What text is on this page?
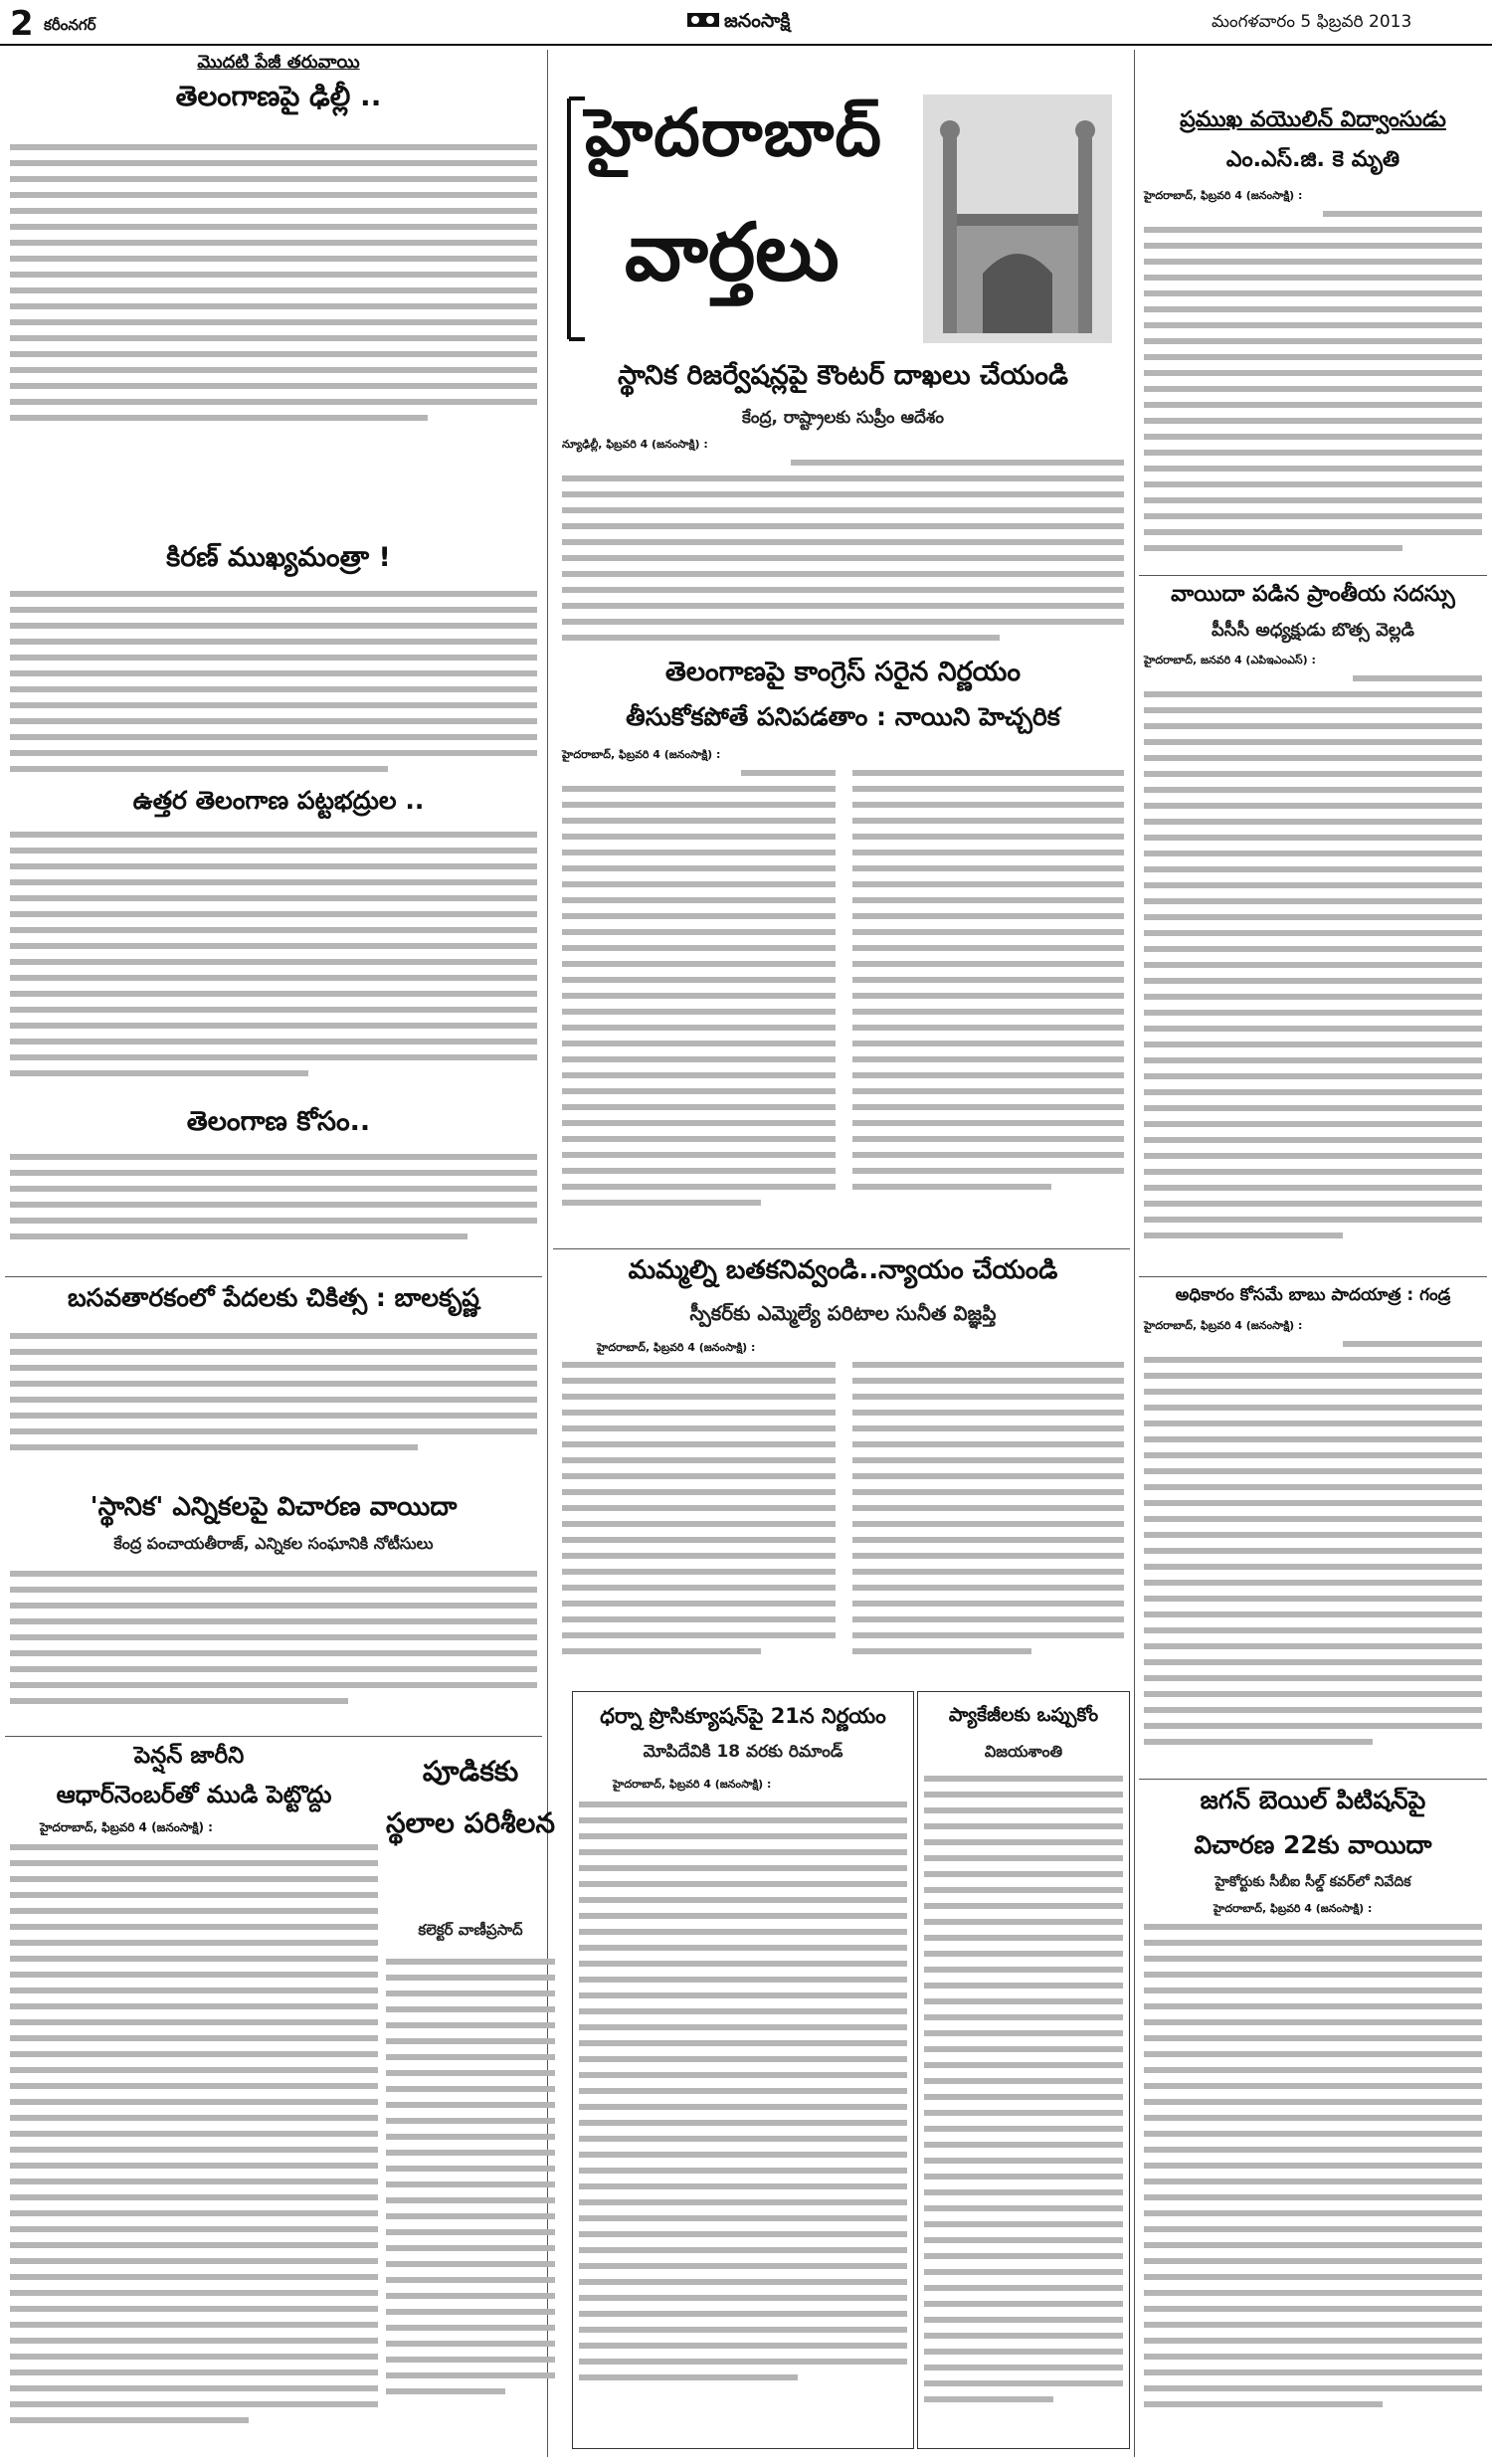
2 కరీంనగర్	జనంసాక్షి	మంగళవారం 5 ఫిబ్రవరి 2013
మొదటి పేజీ తరువాయి
తెలంగాణపై ఢిల్లీ ..

కిరణ్ ముఖ్యమంత్రా !
ఉత్తర తెలంగాణ పట్టభద్రుల ..
తెలంగాణ కోసం..
బసవతారకంలో పేదలకు చికిత్స : బాలకృష్ణ
'స్థానిక' ఎన్నికలపై విచారణ వాయిదా
కేంద్ర పంచాయతీరాజ్, ఎన్నికల సంఘానికి నోటీసులు
పెన్షన్ జారీని
ఆధార్‌నెంబర్‌తో ముడి పెట్టొద్దు
హైదరాబాద్, ఫిబ్రవరి 4 (జనంసాక్షి) :
హైదరాబాద్
వార్తలు
స్థానిక రిజర్వేషన్లపై కౌంటర్ దాఖలు చేయండి
కేంద్ర, రాష్ట్రాలకు సుప్రీం ఆదేశం
న్యూఢిల్లీ, ఫిబ్రవరి 4 (జనంసాక్షి) :
తెలంగాణపై కాంగ్రెస్ సరైన నిర్ణయం
తీసుకోకపోతే పనిపడతాం : నాయిని హెచ్చరిక
హైదరాబాద్, ఫిబ్రవరి 4 (జనంసాక్షి) :
మమ్మల్ని బతకనివ్వండి..న్యాయం చేయండి
స్పీకర్‌కు ఎమ్మెల్యే పరిటాల సునీత విజ్ఞప్తి
హైదరాబాద్, ఫిబ్రవరి 4 (జనంసాక్షి) :
పూడికకు స్థలాల పరిశీలన
కలెక్టర్ వాణీప్రసాద్
ధర్నా ప్రొసిక్యూషన్‌పై 21న నిర్ణయం
మోపిదేవికి 18 వరకు రిమాండ్
హైదరాబాద్, ఫిబ్రవరి 4 (జనంసాక్షి) :
ప్యాకేజీలకు ఒప్పుకోం
విజయశాంతి
ప్రముఖ వయొలిన్ విద్వాంసుడు
ఎం.ఎస్.జి. కె మృతి
హైదరాబాద్, ఫిబ్రవరి 4 (జనంసాక్షి) :
వాయిదా పడిన ప్రాంతీయ సదస్సు
పీసీసీ అధ్యక్షుడు బొత్స వెల్లడి
హైదరాబాద్, జనవరి 4 (ఎపిఇఎంఎస్) :
అధికారం కోసమే బాబు పాదయాత్ర : గండ్ర
హైదరాబాద్, ఫిబ్రవరి 4 (జనంసాక్షి) :
జగన్ బెయిల్ పిటిషన్‌పై
విచారణ 22కు వాయిదా
హైకోర్టుకు సీబీఐ సీల్డ్ కవర్‌లో నివేదిక
హైదరాబాద్, ఫిబ్రవరి 4 (జనంసాక్షి) :
